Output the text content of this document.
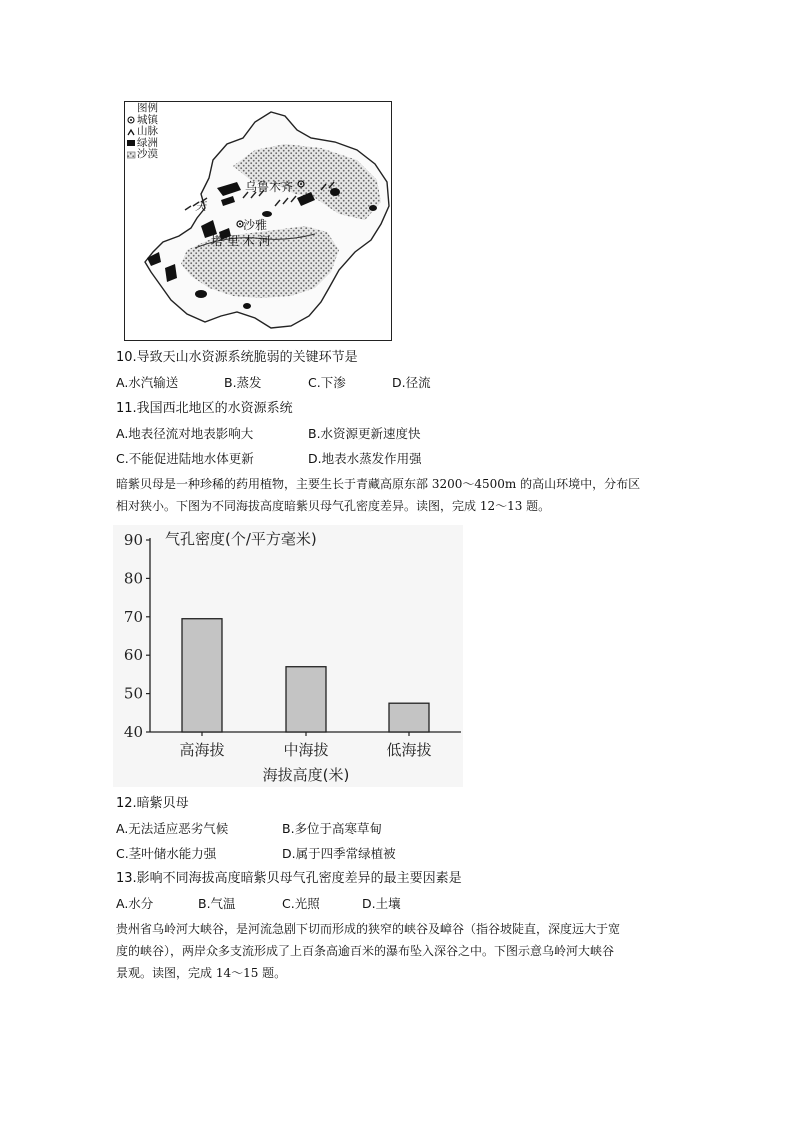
图例
城镇
山脉
绿洲
沙漠
乌鲁木齐
天
沙雅
塔 里 木 河
10.导致天山水资源系统脆弱的关键环节是
A.水汽输送	B.蒸发	C.下渗	D.径流
11.我国西北地区的水资源系统
A.地表径流对地表影响大	B.水资源更新速度快
C.不能促进陆地水体更新	D.地表水蒸发作用强
暗紫贝母是一种珍稀的药用植物，主要生长于青藏高原东部 3200～4500m 的高山环境中，分布区
相对狭小。下图为不同海拔高度暗紫贝母气孔密度差异。读图，完成 12～13 题。
40
50
60
70
80
90 气孔密度(个/平方毫米)
高海拔	中海拔	低海拔
海拔高度(米)
12.暗紫贝母
A.无法适应恶劣气候	B.多位于高寒草甸
C.茎叶储水能力强	D.属于四季常绿植被
13.影响不同海拔高度暗紫贝母气孔密度差异的最主要因素是
A.水分	B.气温	C.光照	D.土壤
贵州省乌岭河大峡谷，是河流急剧下切而形成的狭窄的峡谷及嶂谷（指谷坡陡直，深度远大于宽
度的峡谷），两岸众多支流形成了上百条高逾百米的瀑布坠入深谷之中。下图示意乌岭河大峡谷
景观。读图，完成 14～15 题。
